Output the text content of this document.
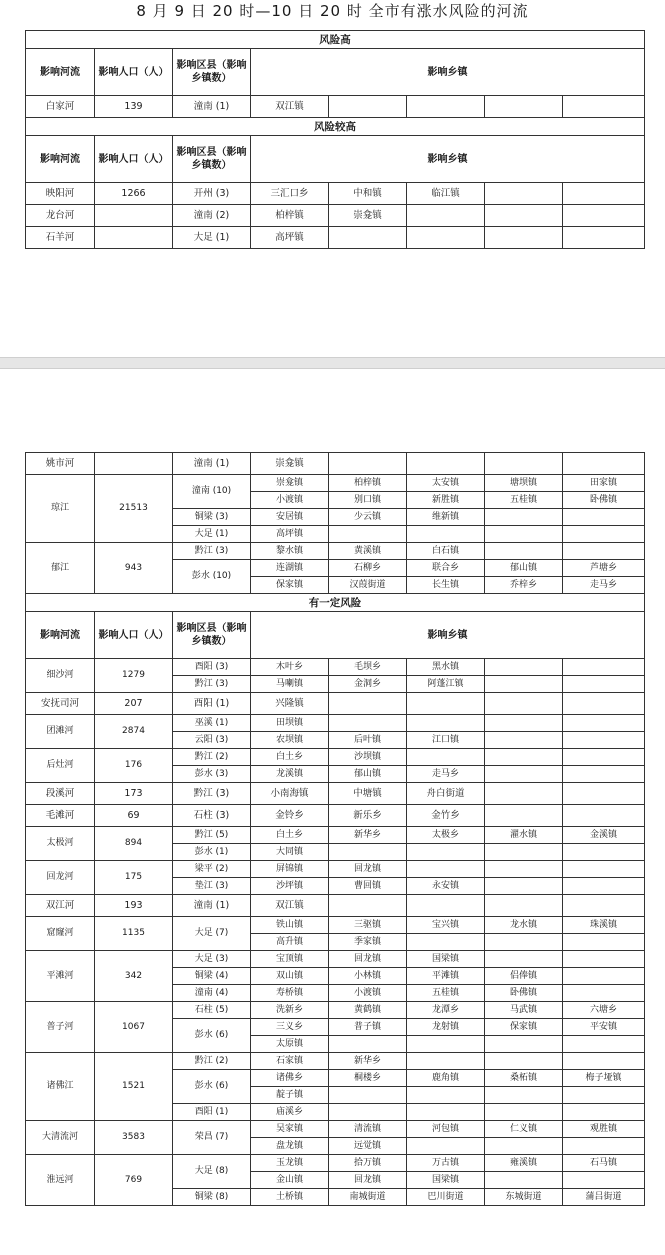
8 月 9 日 20 时—10 日 20 时 全市有涨水风险的河流
风险高							
影响河流	影响人口（人）	影响区县（影响乡镇数）	影响乡镇				
白家河	139	潼南 (1)	双江镇				
风险较高							
影响河流	影响人口（人）	影响区县（影响乡镇数）	影响乡镇				
映阳河	1266	开州 (3)	三汇口乡	中和镇	临江镇		
龙台河		潼南 (2)	柏梓镇	崇龛镇			
石羊河		大足 (1)	高坪镇				
姚市河		潼南 (1)	崇龛镇				
琼江	21513	潼南 (10)	崇龛镇	柏梓镇	太安镇	塘坝镇	田家镇
			小渡镇	别口镇	新胜镇	五桂镇	卧佛镇
		铜梁 (3)	安居镇	少云镇	维新镇		
		大足 (1)	高坪镇				
郁江	943	黔江 (3)	黎水镇	黄溪镇	白石镇		
		彭水 (10)	连湖镇	石柳乡	联合乡	郁山镇	芦塘乡
			保家镇	汉葭街道	长生镇	乔梓乡	走马乡
有一定风险							
影响河流	影响人口（人）	影响区县（影响乡镇数）	影响乡镇				
细沙河	1279	酉阳 (3)	木叶乡	毛坝乡	黑水镇		
		黔江 (3)	马喇镇	金洞乡	阿蓬江镇		
安抚司河	207	酉阳 (1)	兴隆镇				
团滩河	2874	巫溪 (1)	田坝镇				
		云阳 (3)	农坝镇	后叶镇	江口镇		
后灶河	176	黔江 (2)	白土乡	沙坝镇			
		彭水 (3)	龙溪镇	郁山镇	走马乡		
段溪河	173	黔江 (3)	小南海镇	中塘镇	舟白街道		
毛滩河	69	石柱 (3)	金铃乡	新乐乡	金竹乡		
太极河	894	黔江 (5)	白土乡	新华乡	太极乡	濯水镇	金溪镇
		彭水 (1)	大同镇				
回龙河	175	梁平 (2)	屏锦镇	回龙镇			
		垫江 (3)	沙坪镇	曹回镇	永安镇		
双江河	193	潼南 (1)	双江镇				
窟窿河	1135	大足 (7)	铁山镇	三驱镇	宝兴镇	龙水镇	珠溪镇
			高升镇	季家镇			
平滩河	342	大足 (3)	宝顶镇	回龙镇	国梁镇		
		铜梁 (4)	双山镇	小林镇	平滩镇	侣俸镇	
		潼南 (4)	寿桥镇	小渡镇	五桂镇	卧佛镇	
普子河	1067	石柱 (5)	洗新乡	黄鹤镇	龙潭乡	马武镇	六塘乡
		彭水 (6)	三义乡	普子镇	龙射镇	保家镇	平安镇
			太原镇				
诸佛江	1521	黔江 (2)	石家镇	新华乡			
		彭水 (6)	诸佛乡	桐楼乡	鹿角镇	桑柘镇	梅子垭镇
			靛子镇				
		酉阳 (1)	庙溪乡				
大清流河	3583	荣昌 (7)	吴家镇	清流镇	河包镇	仁义镇	观胜镇
			盘龙镇	远觉镇			
淮远河	769	大足 (8)	玉龙镇	拾万镇	万古镇	雍溪镇	石马镇
			金山镇	回龙镇	国梁镇		
		铜梁 (8)	土桥镇	南城街道	巴川街道	东城街道	蒲吕街道
